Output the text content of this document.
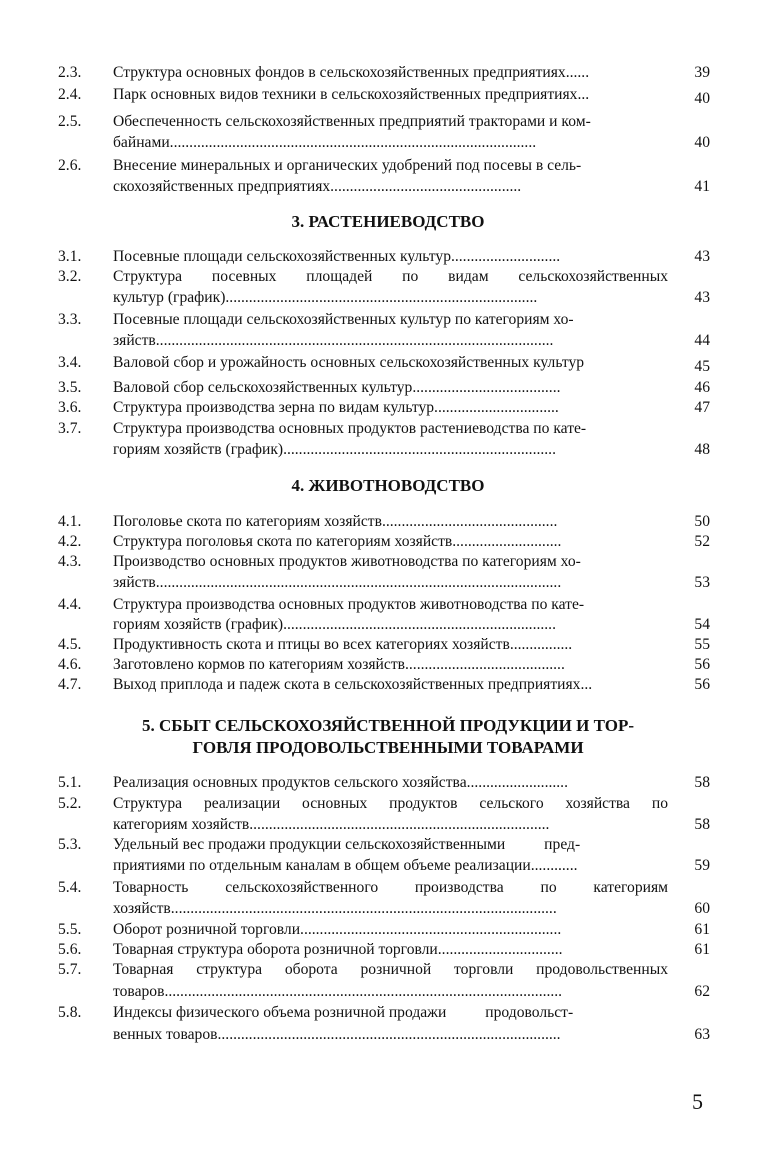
2.3. Структура основных фондов в сельскохозяйственных предприятиях......	39
2.4. Парк основных видов техники в сельскохозяйственных предприятиях...	40
2.5. Обеспеченность сельскохозяйственных предприятий тракторами и ком-
байнами..............................................................................................	40
2.6. Внесение минеральных и органических удобрений под посевы в сель-
скохозяйственных предприятиях.................................................	41
3. РАСТЕНИЕВОДСТВО
3.1. Посевные площади сельскохозяйственных культур............................	43
3.2. Структура посевных площадей по видам сельскохозяйственных
культур (график)................................................................................	43
3.3. Посевные площади сельскохозяйственных культур по категориям хо-
зяйств......................................................................................................	44
3.4. Валовой сбор и урожайность основных сельскохозяйственных культур	45
3.5. Валовой сбор сельскохозяйственных культур......................................	46
3.6. Структура производства зерна по видам культур................................	47
3.7. Структура производства основных продуктов растениеводства по кате-
гориям хозяйств (график)......................................................................	48
4. ЖИВОТНОВОДСТВО
4.1. Поголовье скота по категориям хозяйств.............................................	50
4.2. Структура поголовья скота по категориям хозяйств............................	52
4.3. Производство основных продуктов животноводства по категориям хо-
зяйств........................................................................................................	53
4.4. Структура производства основных продуктов животноводства по кате-
гориям хозяйств (график)......................................................................	54
4.5. Продуктивность скота и птицы во всех категориях хозяйств................	55
4.6. Заготовлено кормов по категориям хозяйств.........................................	56
4.7. Выход приплода и падеж скота в сельскохозяйственных предприятиях...	56
5. СБЫТ СЕЛЬСКОХОЗЯЙСТВЕННОЙ ПРОДУКЦИИ И ТОР-
ГОВЛЯ ПРОДОВОЛЬСТВЕННЫМИ ТОВАРАМИ
5.1. Реализация основных продуктов сельского хозяйства..........................	58
5.2. Структура реализации основных продуктов сельского хозяйства по
категориям хозяйств.............................................................................	58
5.3. Удельный вес продажи продукции сельскохозяйственными          пред-
приятиями по отдельным каналам в общем объеме реализации............	59
5.4. Товарность сельскохозяйственного производства по категориям
хозяйств...................................................................................................	60
5.5. Оборот розничной торговли...................................................................	61
5.6. Товарная структура оборота розничной торговли................................	61
5.7. Товарная структура оборота розничной торговли продовольственных
товаров......................................................................................................	62
5.8. Индексы физического объема розничной продажи          продовольст-
венных товаров........................................................................................	63
5
